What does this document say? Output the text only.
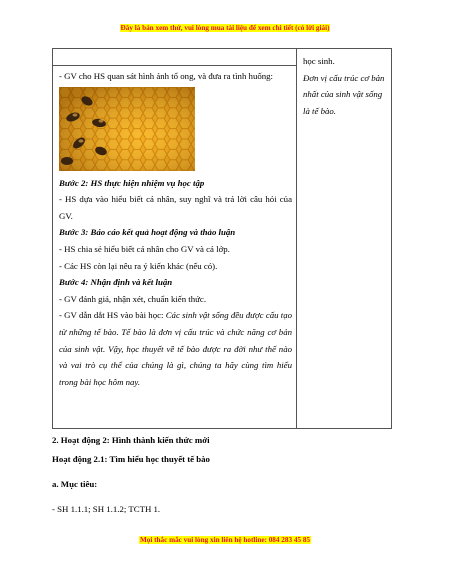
Đây là bản xem thử, vui lòng mua tài liệu để xem chi tiết (có lời giải)

- GV cho HS quan sát hình ảnh tổ ong, và đưa ra tình huống:

Bước 2: HS thực hiện nhiệm vụ học tập

- HS dựa vào hiểu biết cá nhân, suy nghĩ và trả lời câu hỏi của GV.

Bước 3: Báo cáo kết quả hoạt động và thảo luận

- HS chia sẻ hiểu biết cá nhân cho GV và cả lớp.

- Các HS còn lại nêu ra ý kiến khác (nếu có).

Bước 4: Nhận định và kết luận

- GV đánh giá, nhận xét, chuẩn kiến thức.

- GV dẫn dắt HS vào bài học: Các sinh vật sống đều được cấu tạo từ những tế bào. Tế bào là đơn vị cấu trúc và chức năng cơ bản của sinh vật. Vậy, học thuyết về tế bào được ra đời như thế nào và vai trò cụ thể của chúng là gì, chúng ta hãy cùng tìm hiểu trong bài học hôm nay.

học sinh.

Đơn vị cấu trúc cơ bản nhất của sinh vật sống là tế bào.

2. Hoạt động 2: Hình thành kiến thức mới

Hoạt động 2.1: Tìm hiểu học thuyết tế bào

a. Mục tiêu:

- SH 1.1.1; SH 1.1.2; TCTH 1.

Mọi thắc mắc vui lòng xin liên hệ hotline: 084 283 45 85
